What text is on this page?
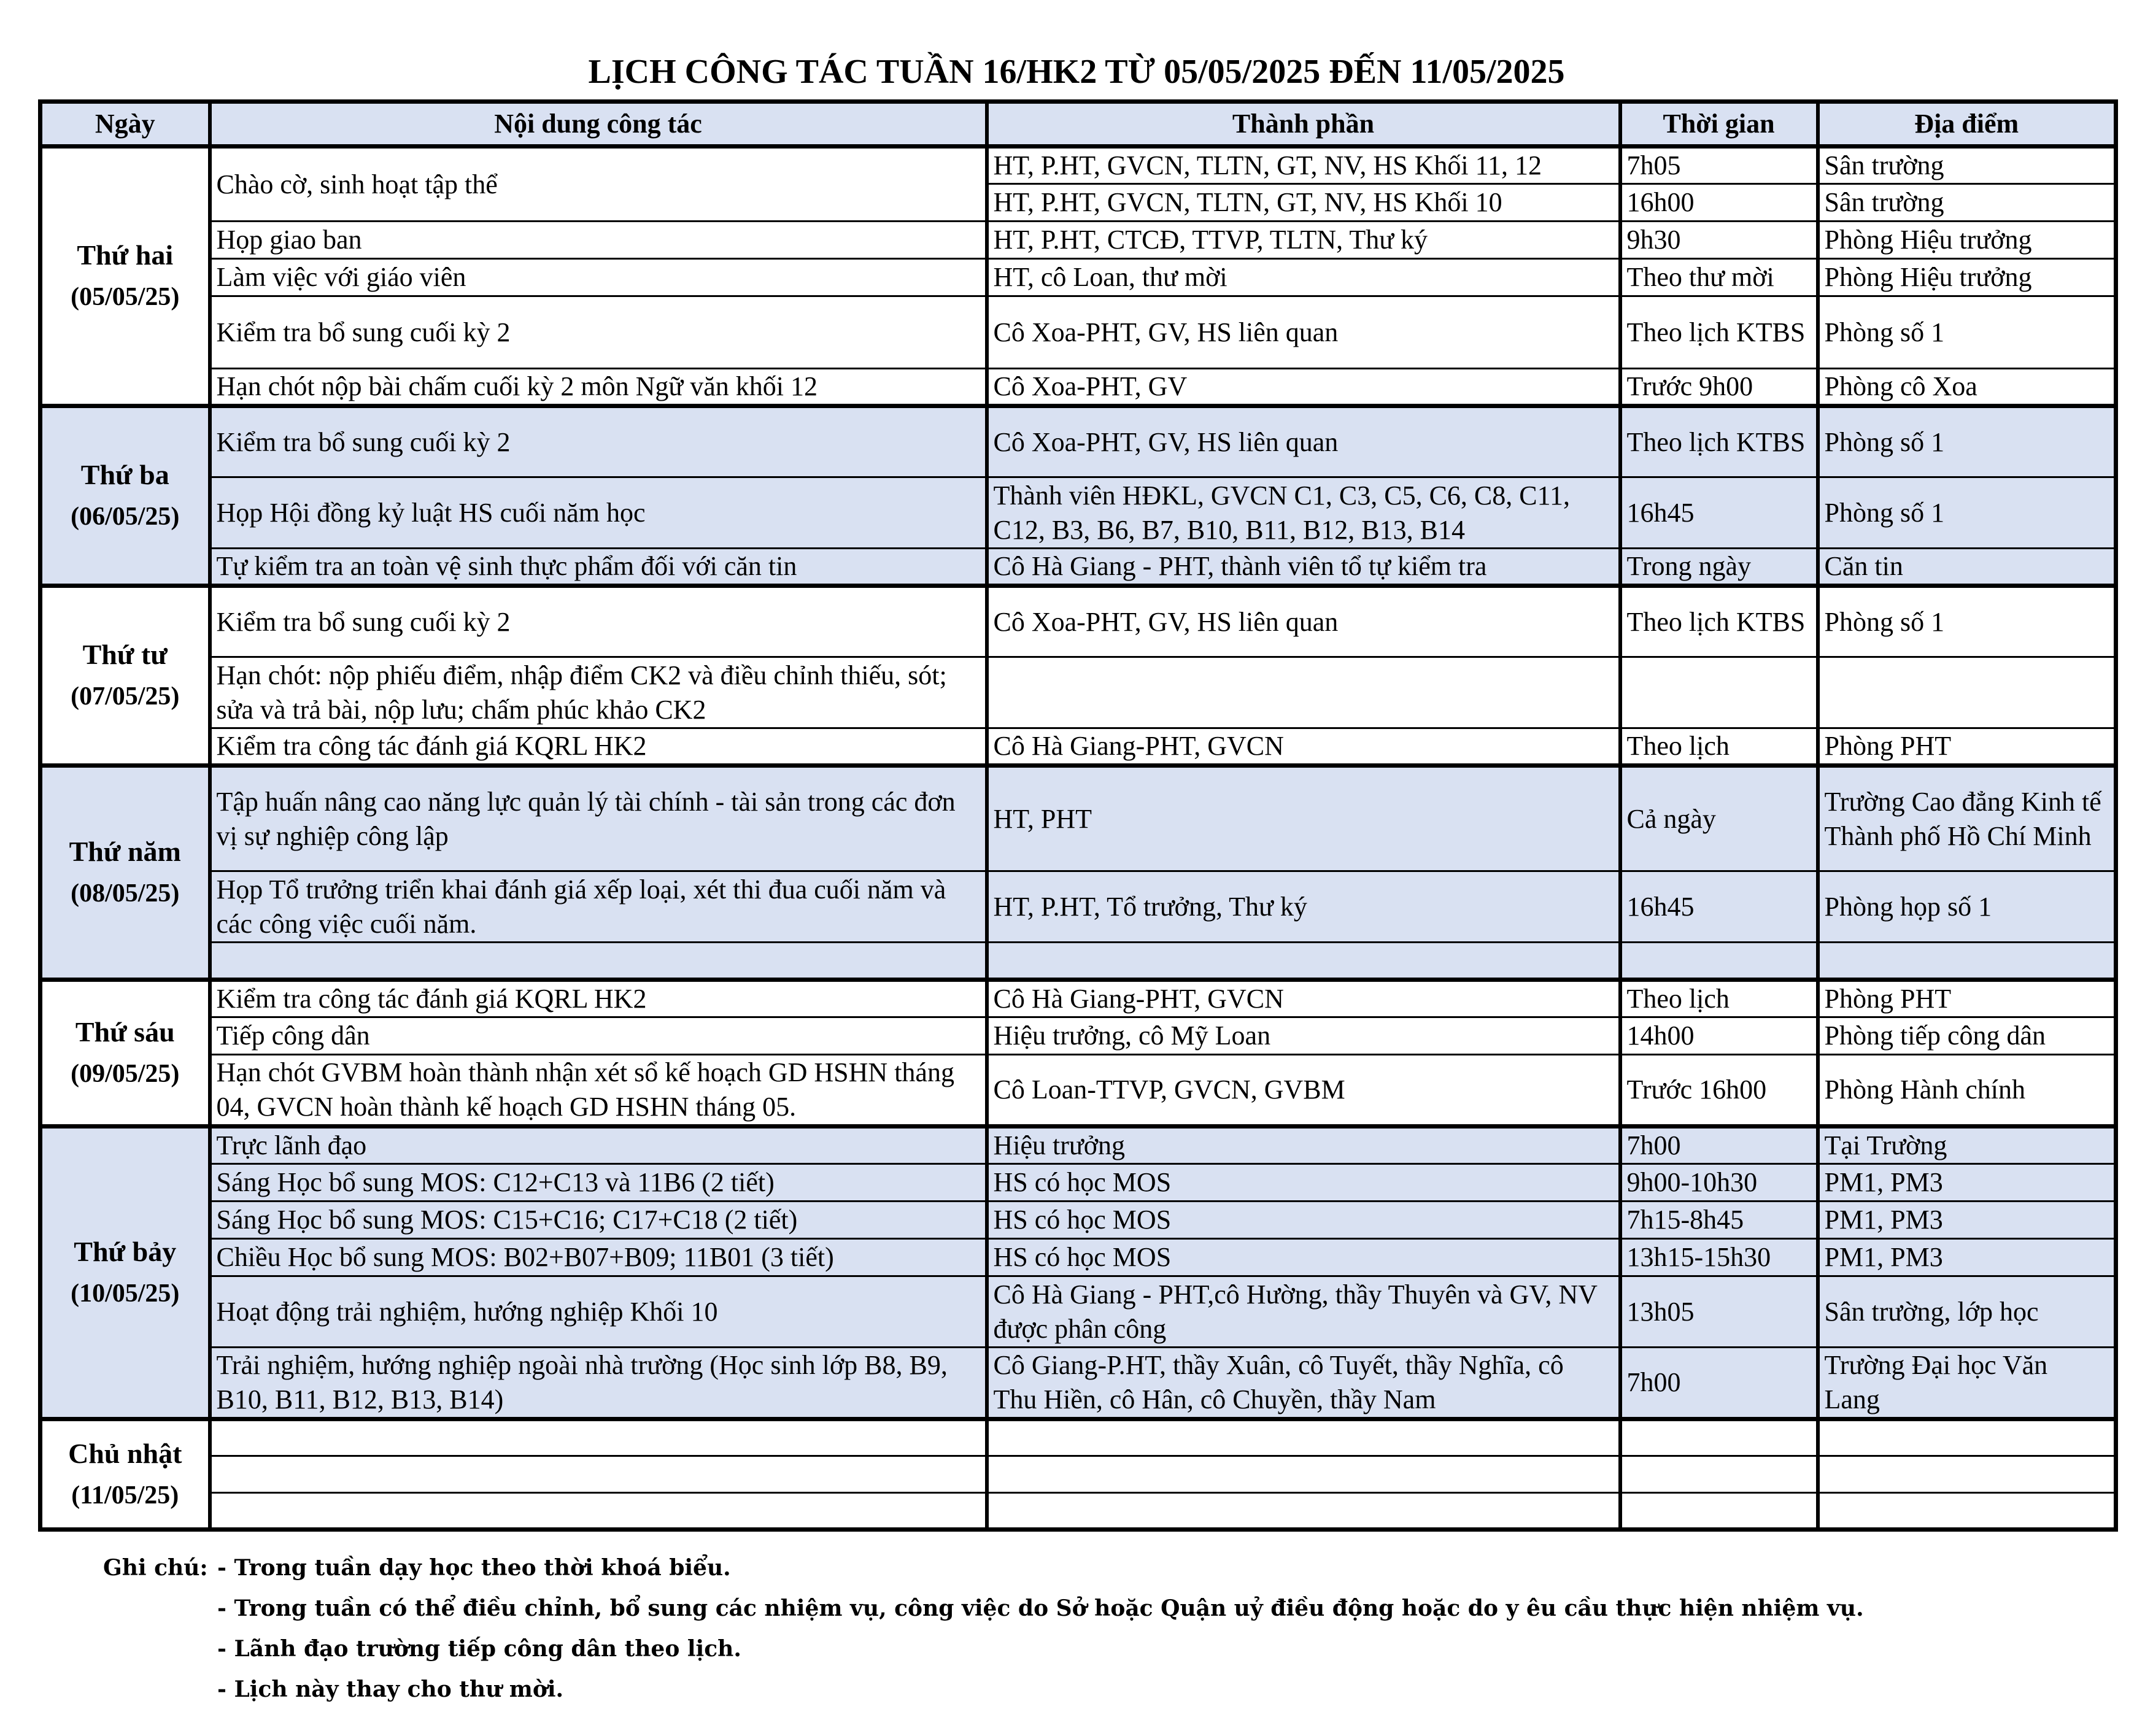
LỊCH CÔNG TÁC TUẦN 16/HK2 TỪ 05/05/2025 ĐẾN 11/05/2025
Ngày	Nội dung công tác	Thành phần	Thời gian	Địa điểm

Thứ hai
(05/05/25)	Chào cờ, sinh hoạt tập thể	HT, P.HT, GVCN, TLTN, GT, NV, HS Khối 11, 12	7h05	Sân trường
		HT, P.HT, GVCN, TLTN, GT, NV, HS Khối 10	16h00	Sân trường
	Họp giao ban	HT, P.HT, CTCĐ, TTVP, TLTN, Thư ký	9h30	Phòng Hiệu trưởng
	Làm việc với giáo viên	HT, cô Loan, thư mời	Theo thư mời	Phòng Hiệu trưởng
	Kiểm tra bổ sung cuối kỳ 2	Cô Xoa-PHT, GV, HS liên quan	Theo lịch KTBS	Phòng số 1
	Hạn chót nộp bài chấm cuối kỳ 2 môn Ngữ văn khối 12	Cô Xoa-PHT, GV	Trước 9h00	Phòng cô Xoa

Thứ ba
(06/05/25)	Kiểm tra bổ sung cuối kỳ 2	Cô Xoa-PHT, GV, HS liên quan	Theo lịch KTBS	Phòng số 1
	Họp Hội đồng kỷ luật HS cuối năm học	Thành viên HĐKL, GVCN C1, C3, C5, C6, C8, C11, C12, B3, B6, B7, B10, B11, B12, B13, B14	16h45	Phòng số 1
	Tự kiểm tra an toàn vệ sinh thực phẩm đối với căn tin	Cô Hà Giang - PHT, thành viên tổ tự kiểm tra	Trong ngày	Căn tin

Thứ tư
(07/05/25)	Kiểm tra bổ sung cuối kỳ 2	Cô Xoa-PHT, GV, HS liên quan	Theo lịch KTBS	Phòng số 1
	Hạn chót: nộp phiếu điểm, nhập điểm CK2 và điều chỉnh thiếu, sót; sửa và trả bài, nộp lưu; chấm phúc khảo CK2			
	Kiểm tra công tác đánh giá KQRL HK2	Cô Hà Giang-PHT, GVCN	Theo lịch	Phòng PHT

Thứ năm
(08/05/25)	Tập huấn nâng cao năng lực quản lý tài chính - tài sản trong các đơn vị sự nghiệp công lập	HT, PHT	Cả ngày	Trường Cao đẳng Kinh tế Thành phố Hồ Chí Minh
	Họp Tổ trưởng triển khai đánh giá xếp loại, xét thi đua cuối năm và các công việc cuối năm.	HT, P.HT, Tổ trưởng, Thư ký	16h45	Phòng họp số 1

Thứ sáu
(09/05/25)	Kiểm tra công tác đánh giá KQRL HK2	Cô Hà Giang-PHT, GVCN	Theo lịch	Phòng PHT
	Tiếp công dân	Hiệu trưởng, cô Mỹ Loan	14h00	Phòng tiếp công dân
	Hạn chót GVBM hoàn thành nhận xét sổ kế hoạch GD HSHN tháng 04, GVCN hoàn thành kế hoạch GD HSHN tháng 05.	Cô Loan-TTVP, GVCN, GVBM	Trước 16h00	Phòng Hành chính

Thứ bảy
(10/05/25)	Trực lãnh đạo	Hiệu trưởng	7h00	Tại Trường
	Sáng Học bổ sung MOS: C12+C13 và 11B6 (2 tiết)	HS có học MOS	9h00-10h30	PM1, PM3
	Sáng Học bổ sung MOS: C15+C16; C17+C18 (2 tiết)	HS có học MOS	7h15-8h45	PM1, PM3
	Chiều Học bổ sung MOS: B02+B07+B09; 11B01 (3 tiết)	HS có học MOS	13h15-15h30	PM1, PM3
	Hoạt động trải nghiệm, hướng nghiệp Khối 10	Cô Hà Giang - PHT,cô Hường, thầy Thuyên và GV, NV được phân công	13h05	Sân trường, lớp học
	Trải nghiệm, hướng nghiệp ngoài nhà trường (Học sinh lớp B8, B9, B10, B11, B12, B13, B14)	Cô Giang-P.HT, thầy Xuân, cô Tuyết, thầy Nghĩa, cô Thu Hiền, cô Hân, cô Chuyền, thầy Nam	7h00	Trường Đại học Văn Lang

Chủ nhật
(11/05/25)				

Ghi chú: - Trong tuần dạy học theo thời khoá biểu.
- Trong tuần có thể điều chỉnh, bổ sung các nhiệm vụ, công việc do Sở hoặc Quận uỷ điều động hoặc do y êu cầu thực hiện nhiệm vụ.
- Lãnh đạo trường tiếp công dân theo lịch.
- Lịch này thay cho thư mời.
